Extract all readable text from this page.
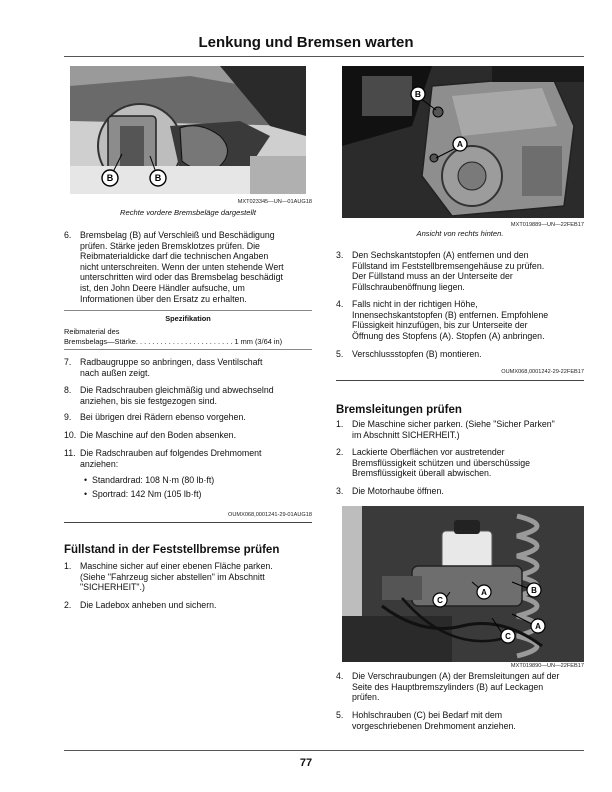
Lenkung und Bremsen warten
B	B
MXT023345—UN—01AUG18
Rechte vordere Bremsbeläge dargestellt
6. Bremsbelag (B) auf Verschleiß und Beschädigung
prüfen. Stärke jeden Bremsklotzes prüfen. Die
Reibmaterialdicke darf die technischen Angaben
nicht unterschreiten. Wenn der unten stehende Wert
unterschritten wird oder das Bremsbelag beschädigt
ist, den John Deere Händler aufsuche, um
Informationen über den Ersatz zu erhalten.
Spezifikation
Reibmaterial des
Bremsbelags—Stärke. . . . . . . . . . . . . . . . . . . . . . . . 1 mm (3/64 in)
7. Radbaugruppe so anbringen, dass Ventilschaft
nach außen zeigt.
8. Die Radschrauben gleichmäßig und abwechselnd
anziehen, bis sie festgezogen sind.
9. Bei übrigen drei Rädern ebenso vorgehen.
10. Die Maschine auf den Boden absenken.
11. Die Radschrauben auf folgendes Drehmoment
anziehen:
•  Standardrad: 108 N·m (80 lb·ft)
•  Sportrad: 142 Nm (105 lb·ft)
OUMX068,0001241-29-01AUG18
Füllstand in der Feststellbremse prüfen
1. Maschine sicher auf einer ebenen Fläche parken.
(Siehe "Fahrzeug sicher abstellen" im Abschnitt
"SICHERHEIT".)
2. Die Ladebox anheben und sichern.
B
A
MXT019889—UN—22FEB17
Ansicht von rechts hinten.
3. Den Sechskantstopfen (A) entfernen und den
Füllstand im Feststellbremsengehäuse zu prüfen.
Der Füllstand muss an der Unterseite der
Füllschraubenöffnung liegen.
4. Falls nicht in der richtigen Höhe,
Innensechskantstopfen (B) entfernen. Empfohlene
Flüssigkeit hinzufügen, bis zur Unterseite der
Öffnung des Stopfens (A). Stopfen (A) anbringen.
5. Verschlussstopfen (B) montieren.
OUMX068,0001242-29-22FEB17
Bremsleitungen prüfen
1. Die Maschine sicher parken. (Siehe "Sicher Parken"
im Abschnitt SICHERHEIT.)
2. Lackierte Oberflächen vor austretender
Bremsflüssigkeit schützen und überschüssige
Bremsflüssigkeit überall abwischen.
3. Die Motorhaube öffnen.
C
A	B
C
A
MXT019890—UN—22FEB17
4. Die Verschraubungen (A) der Bremsleitungen auf der
Seite des Hauptbremszylinders (B) auf Leckagen
prüfen.
5. Hohlschrauben (C) bei Bedarf mit dem
vorgeschriebenen Drehmoment anziehen.
77
